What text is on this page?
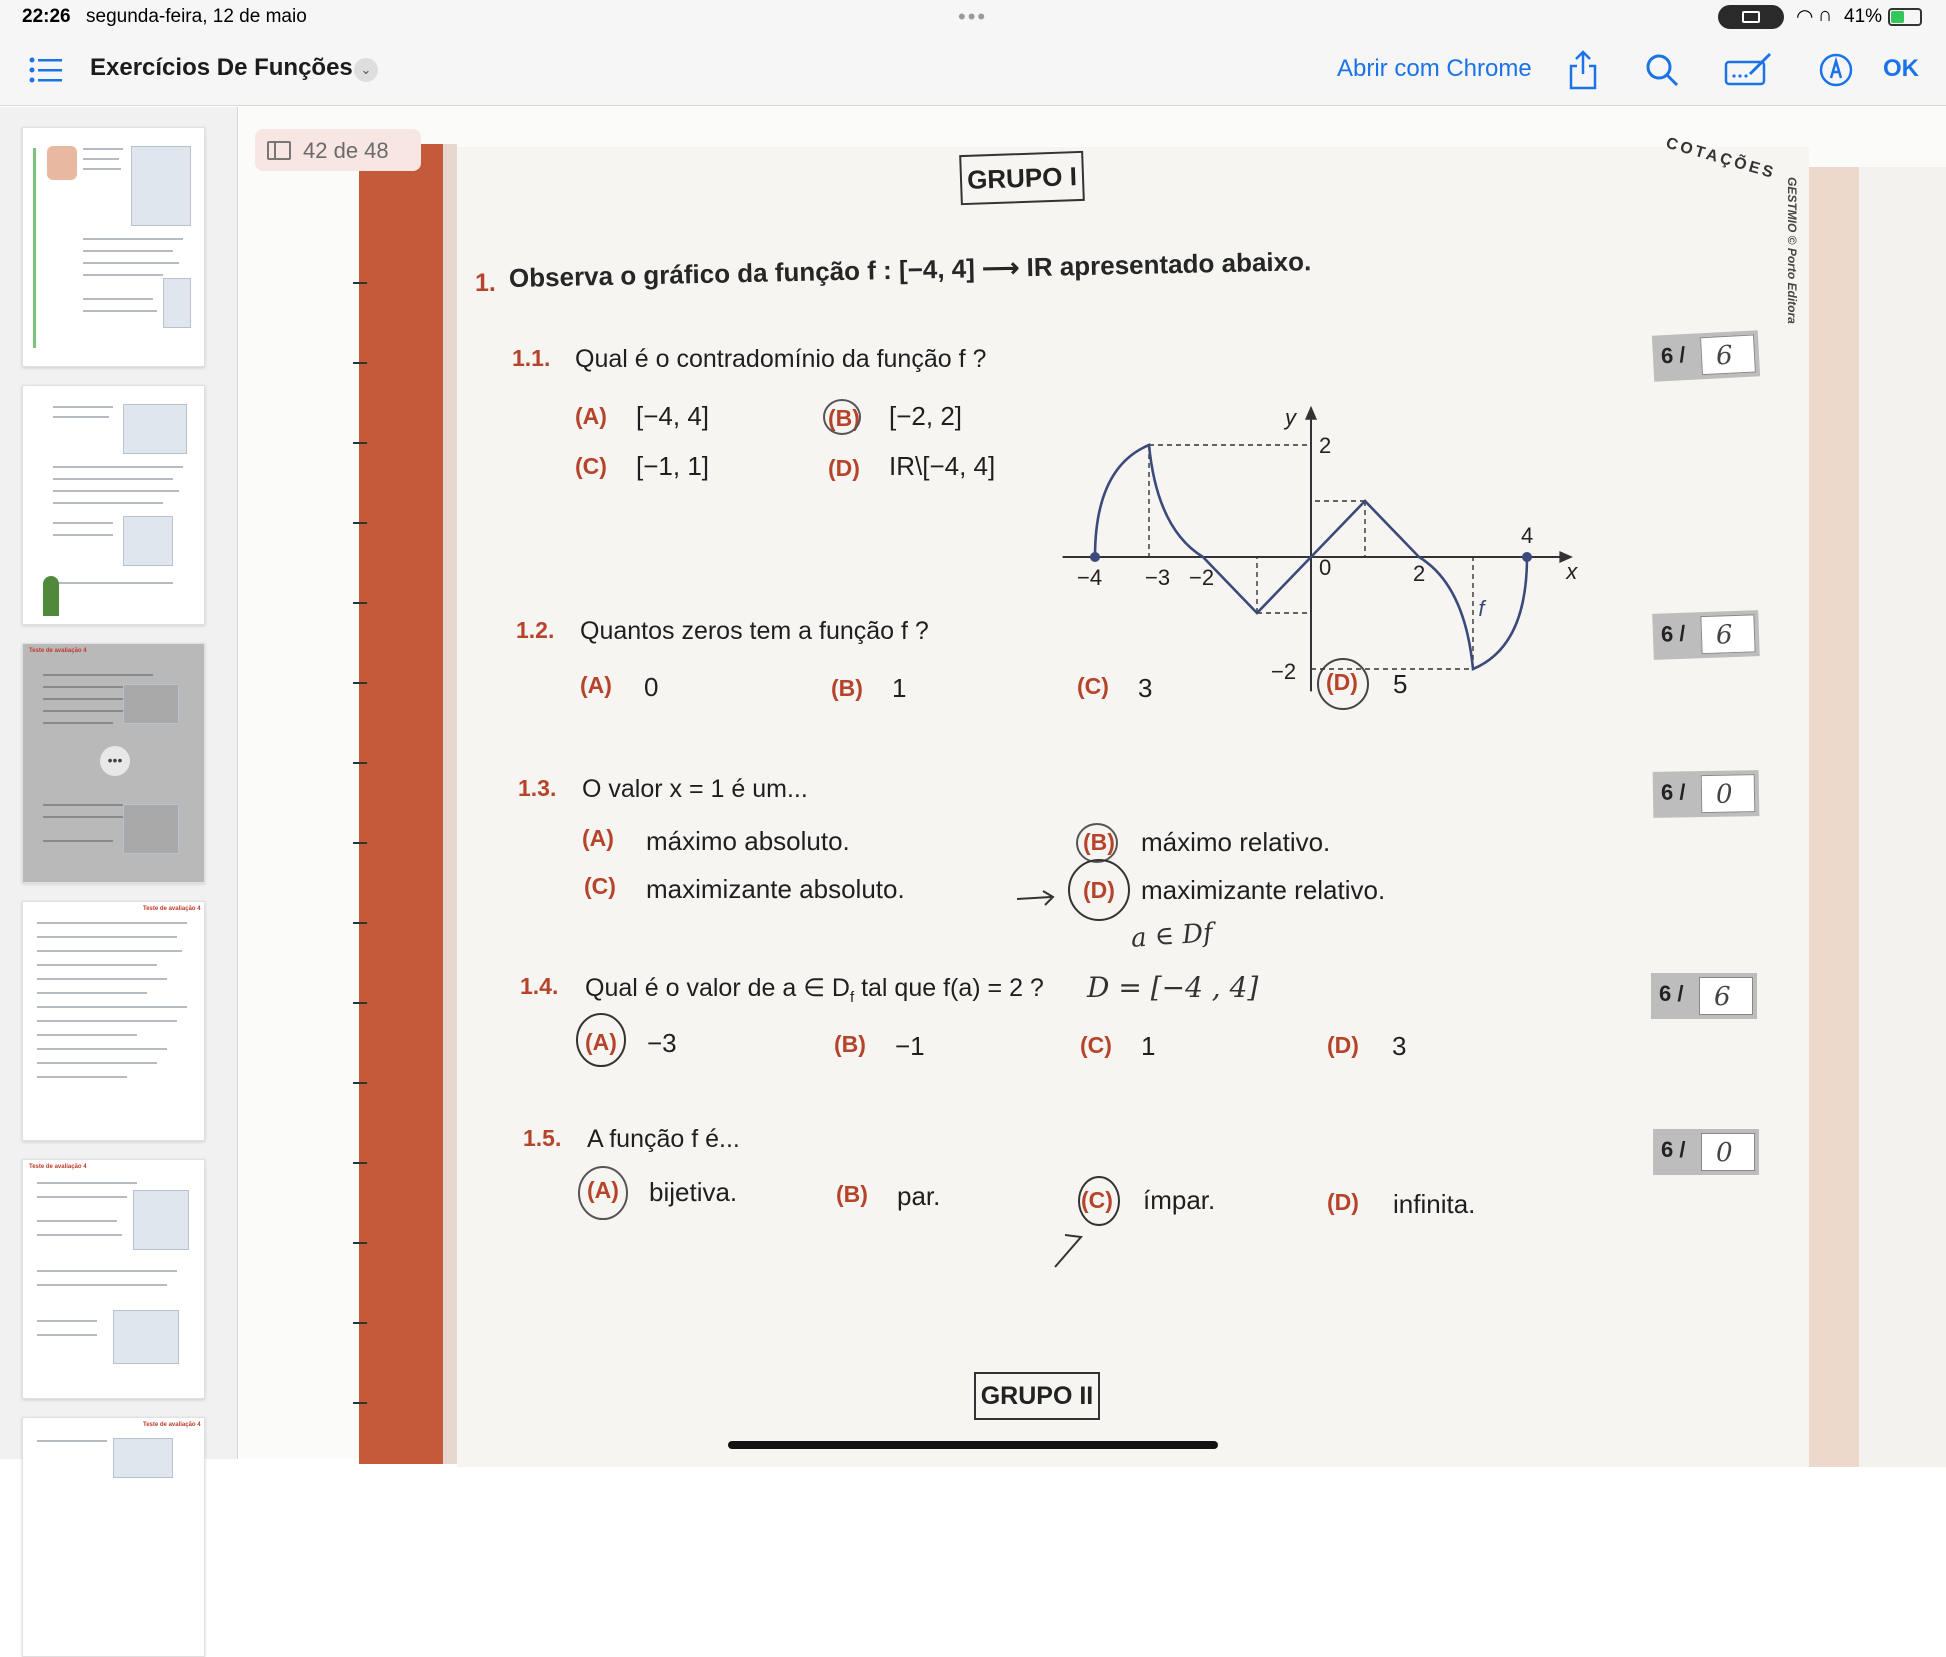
22:26 segunda-feira, 12 de maio	•••	◠ ∩ 41%
Exercícios De Funções ⌄	Abrir com Chrome	OK
Teste de avaliação 4
•••
Teste de avaliação 4
Teste de avaliação 4
Teste de avaliação 4
42 de 48
GRUPO I	COTAÇÕES
GESTMIO © Porto Editora
1. Observa o gráfico da função f : [−4, 4] ⟶ IR apresentado abaixo.
1.1. Qual é o contradomínio da função f ?
(A) [−4, 4]	(B) [−2, 2]
(C) [−1, 1]	(D) IR\[−4, 4]
1.2. Quantos zeros tem a função f ?
(A) 0	(B) 1	(C) 3	(D) 5
1.3. O valor x = 1 é um...
(A) máximo absoluto.	(B) máximo relativo.
(C) maximizante absoluto.	(D) maximizante relativo.
1.4. Qual é o valor de a ∈ $D_f$ tal que f(a) = 2 ?
(A) −3	(B) −1	(C) 1	(D) 3
1.5. A função f é...
(A) bijetiva.	(B) par.	(C) ímpar.	(D) infinita.
GRUPO II
6 / 6
6 / 6
6 / 0
6 / 6
6 / 0
a ∈ Df
D = [−4 , 4]
−4 −3 −2	0	2
4
2
−2
x
y
f
